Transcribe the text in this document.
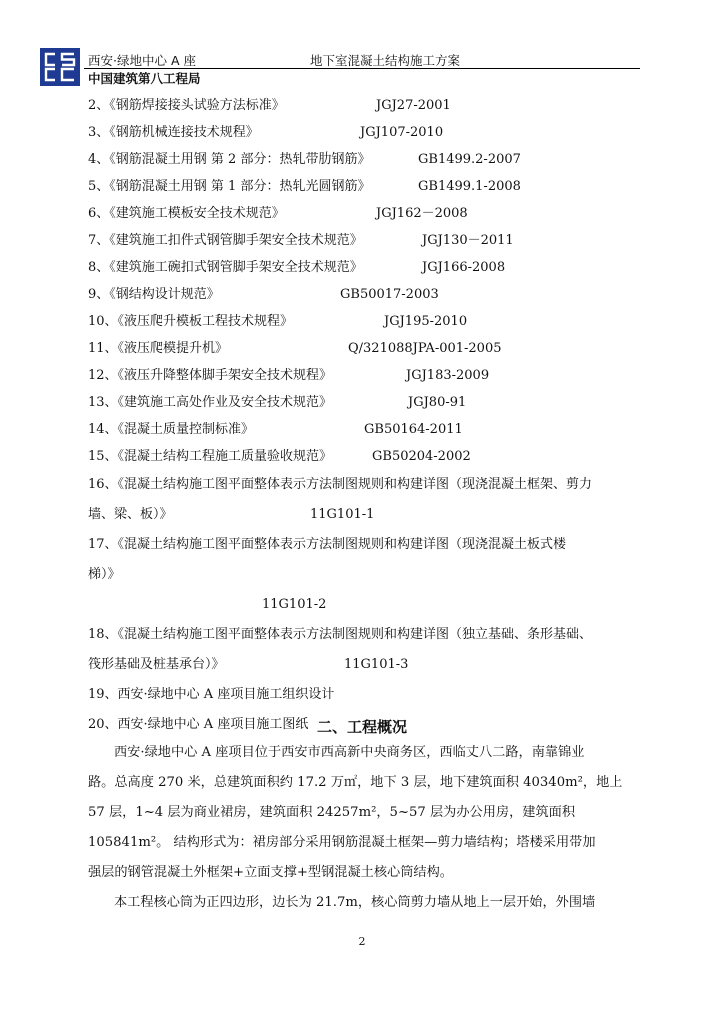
西安·绿地中心 A 座	地下室混凝土结构施工方案
中国建筑第八工程局
2、《钢筋焊接接头试验方法标准》	JGJ27-2001
3、《钢筋机械连接技术规程》	JGJ107-2010
4、《钢筋混凝土用钢 第 2 部分：热轧带肋钢筋》	GB1499.2-2007
5、《钢筋混凝土用钢 第 1 部分：热轧光圆钢筋》	GB1499.1-2008
6、《建筑施工模板安全技术规范》	JGJ162－2008
7、《建筑施工扣件式钢管脚手架安全技术规范》	JGJ130－2011
8、《建筑施工碗扣式钢管脚手架安全技术规范》	JGJ166-2008
9、《钢结构设计规范》	GB50017-2003
10、《液压爬升模板工程技术规程》	JGJ195-2010
11、《液压爬模提升机》	Q/321088JPA-001-2005
12、《液压升降整体脚手架安全技术规程》	JGJ183-2009
13、《建筑施工高处作业及安全技术规范》	JGJ80-91
14、《混凝土质量控制标准》	GB50164-2011
15、《混凝土结构工程施工质量验收规范》	GB50204-2002
16、《混凝土结构施工图平面整体表示方法制图规则和构建详图（现浇混凝土框架、剪力
墙、梁、板）》	11G101-1
17、《混凝土结构施工图平面整体表示方法制图规则和构建详图（现浇混凝土板式楼
梯）》
11G101-2
18、《混凝土结构施工图平面整体表示方法制图规则和构建详图（独立基础、条形基础、
筏形基础及桩基承台）》	11G101-3
19、西安·绿地中心 A 座项目施工组织设计
20、西安·绿地中心 A 座项目施工图纸 二、工程概况
西安·绿地中心 A 座项目位于西安市西高新中央商务区，西临丈八二路，南靠锦业
路。总高度 270 米，总建筑面积约 17.2 万㎡，地下 3 层，地下建筑面积 40340m²，地上
57 层，1~4 层为商业裙房，建筑面积 24257m²，5~57 层为办公用房，建筑面积
105841m²。 结构形式为：裙房部分采用钢筋混凝土框架—剪力墙结构；塔楼采用带加
强层的钢管混凝土外框架+立面支撑+型钢混凝土核心筒结构。
本工程核心筒为正四边形，边长为 21.7m，核心筒剪力墙从地上一层开始，外围墙
2
